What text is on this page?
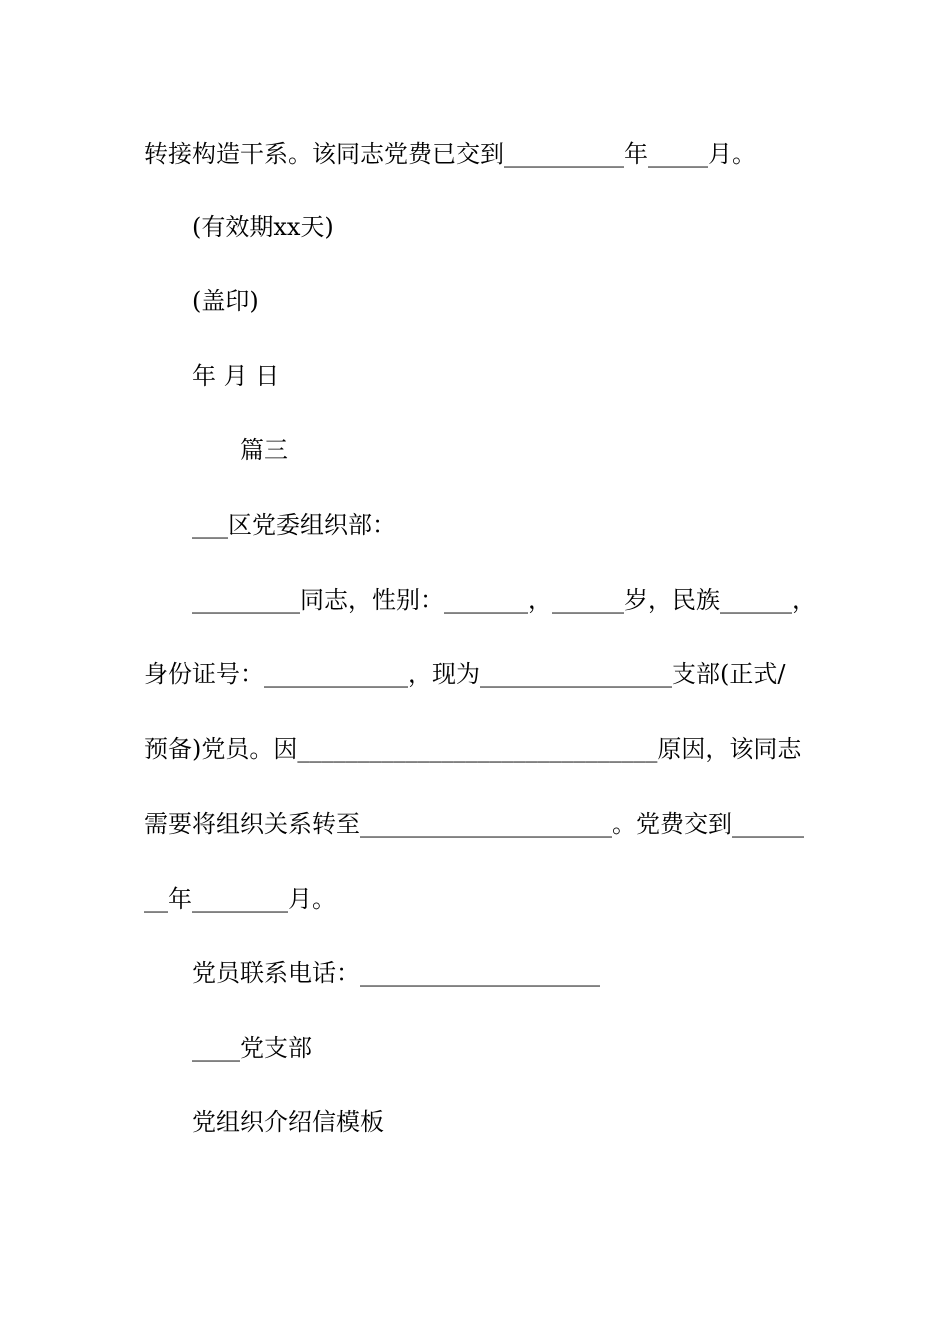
转接构造干系。该同志党费已交到__________年_____月。
(有效期xx天)
(盖印)
年 月 日
篇三
___区党委组织部：
_________同志，性别：_______，______岁，民族______，
身份证号：____________，现为________________支部(正式/
预备)党员。因______________________________原因，该同志
需要将组织关系转至_____________________。党费交到______
__年________月。
党员联系电话：____________________
____党支部
党组织介绍信模板
